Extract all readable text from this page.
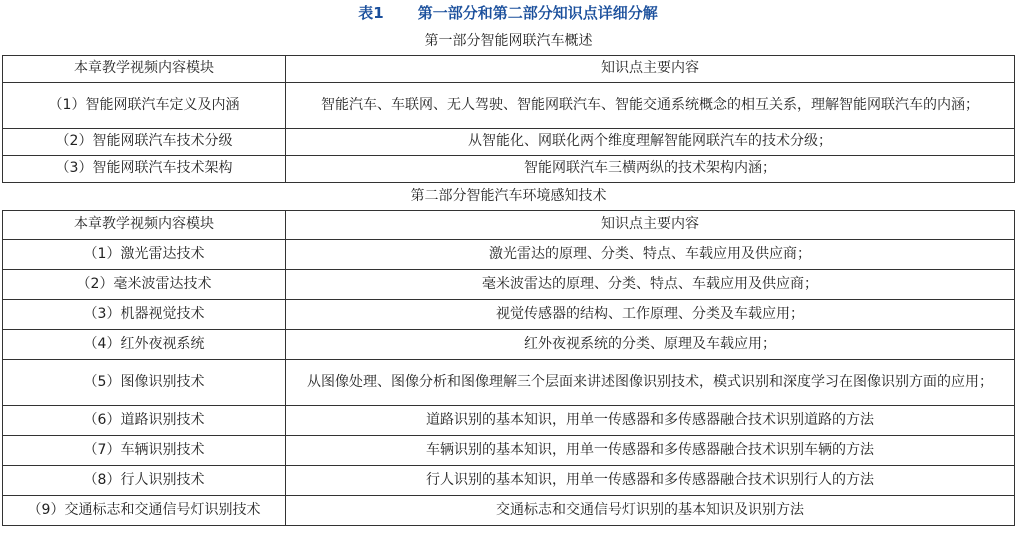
表1 第一部分和第二部分知识点详细分解
第一部分智能网联汽车概述	
本章教学视频内容模块	知识点主要内容
（1）智能网联汽车定义及内涵	智能汽车、车联网、无人驾驶、智能网联汽车、智能交通系统概念的相互关系，理解智能网联汽车的内涵；
（2）智能网联汽车技术分级	从智能化、网联化两个维度理解智能网联汽车的技术分级；
（3）智能网联汽车技术架构	智能网联汽车三横两纵的技术架构内涵；
第二部分智能汽车环境感知技术	
本章教学视频内容模块	知识点主要内容
（1）激光雷达技术	激光雷达的原理、分类、特点、车载应用及供应商；
（2）毫米波雷达技术	毫米波雷达的原理、分类、特点、车载应用及供应商；
（3）机器视觉技术	视觉传感器的结构、工作原理、分类及车载应用；
（4）红外夜视系统	红外夜视系统的分类、原理及车载应用；
（5）图像识别技术	从图像处理、图像分析和图像理解三个层面来讲述图像识别技术，模式识别和深度学习在图像识别方面的应用；
（6）道路识别技术	道路识别的基本知识，用单一传感器和多传感器融合技术识别道路的方法
（7）车辆识别技术	车辆识别的基本知识，用单一传感器和多传感器融合技术识别车辆的方法
（8）行人识别技术	行人识别的基本知识，用单一传感器和多传感器融合技术识别行人的方法
（9）交通标志和交通信号灯识别技术	交通标志和交通信号灯识别的基本知识及识别方法
